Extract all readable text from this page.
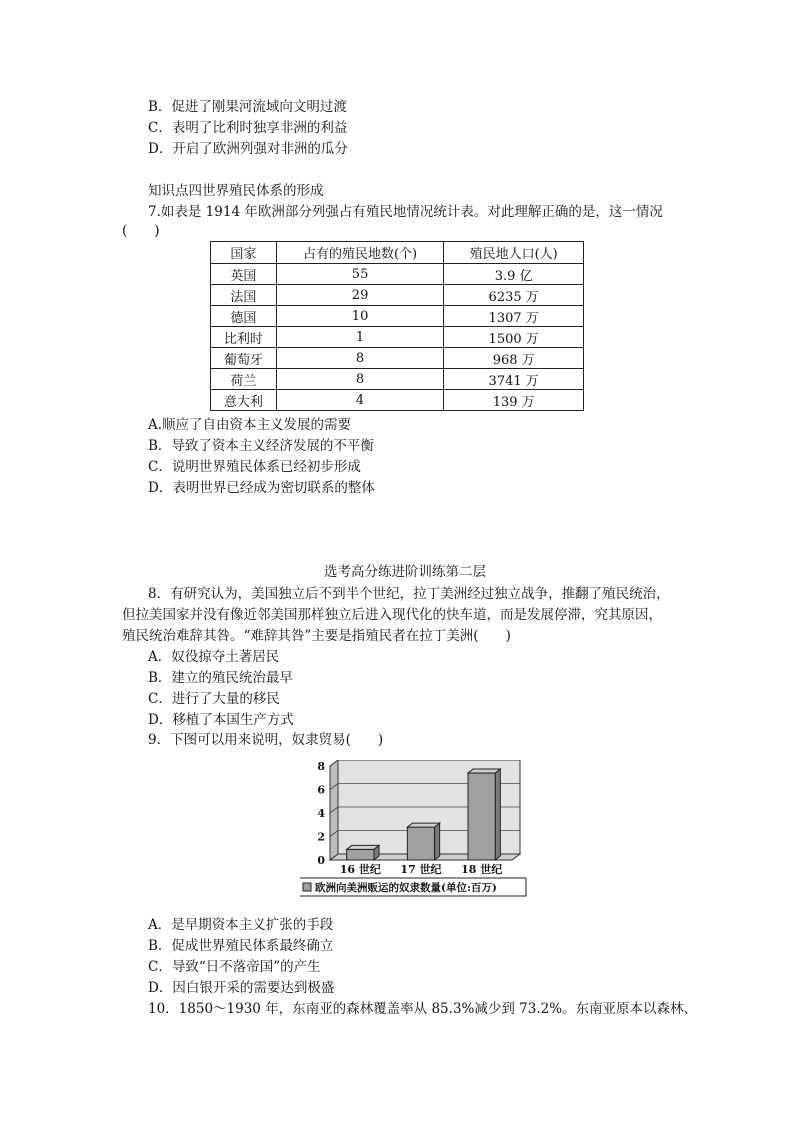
B．促进了刚果河流域向文明过渡
C．表明了比利时独享非洲的利益
D．开启了欧洲列强对非洲的瓜分
知识点四世界殖民体系的形成
7.如表是 1914 年欧洲部分列强占有殖民地情况统计表。对此理解正确的是，这一情况
(　　)
国家	占有的殖民地数(个)	殖民地人口(人)
英国	55	3.9 亿
法国	29	6235 万
德国	10	1307 万
比利时	1	1500 万
葡萄牙	8	968 万
荷兰	8	3741 万
意大利	4	139 万
A.顺应了自由资本主义发展的需要
B．导致了资本主义经济发展的不平衡
C．说明世界殖民体系已经初步形成
D．表明世界已经成为密切联系的整体
选考高分练进阶训练第二层
8．有研究认为，美国独立后不到半个世纪，拉丁美洲经过独立战争，推翻了殖民统治，
但拉美国家并没有像近邻美国那样独立后进入现代化的快车道，而是发展停滞，究其原因，
殖民统治难辞其咎。“难辞其咎”主要是指殖民者在拉丁美洲(　　)
A．奴役掠夺土著居民
B．建立的殖民统治最早
C．进行了大量的移民
D．移植了本国生产方式
9．下图可以用来说明，奴隶贸易(　　)
0
2
4
6
8
16 世纪 17 世纪 18 世纪
欧洲向美洲贩运的奴隶数量(单位:百万)
A．是早期资本主义扩张的手段
B．促成世界殖民体系最终确立
C．导致“日不落帝国”的产生
D．因白银开采的需要达到极盛
10．1850～1930 年，东南亚的森林覆盖率从 85.3%减少到 73.2%。东南亚原本以森林、
